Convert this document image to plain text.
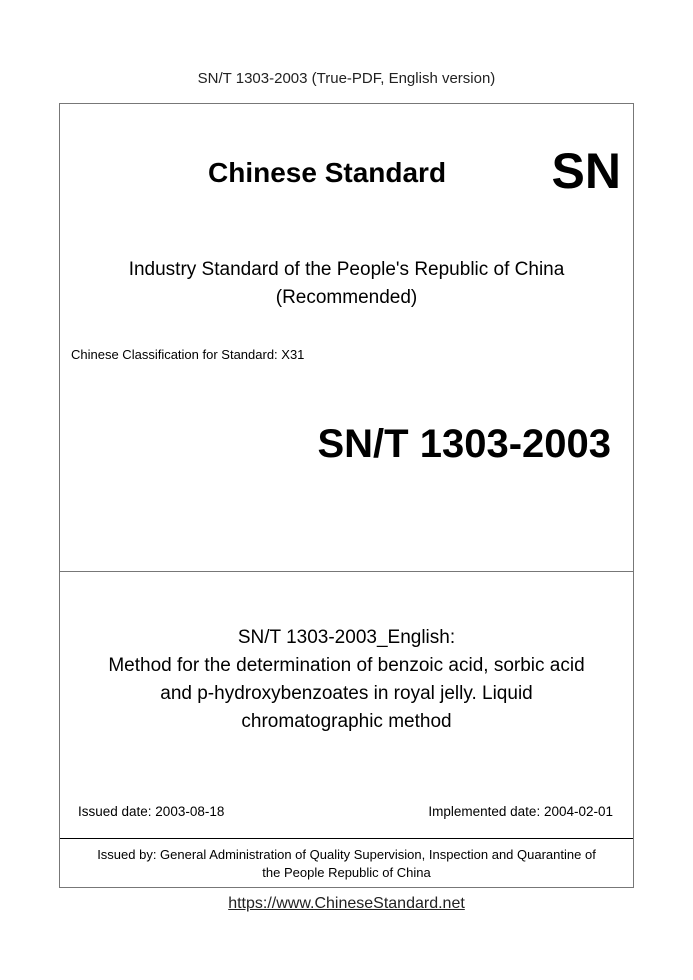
SN/T 1303-2003 (True-PDF, English version)
Chinese Standard SN
Industry Standard of the People's Republic of China
(Recommended)
Chinese Classification for Standard: X31
SN/T 1303-2003
SN/T 1303-2003_English:
Method for the determination of benzoic acid, sorbic acid
and p-hydroxybenzoates in royal jelly. Liquid
chromatographic method
Issued date: 2003-08-18	Implemented date: 2004-02-01
Issued by: General Administration of Quality Supervision, Inspection and Quarantine of
the People Republic of China
https://www.ChineseStandard.net
